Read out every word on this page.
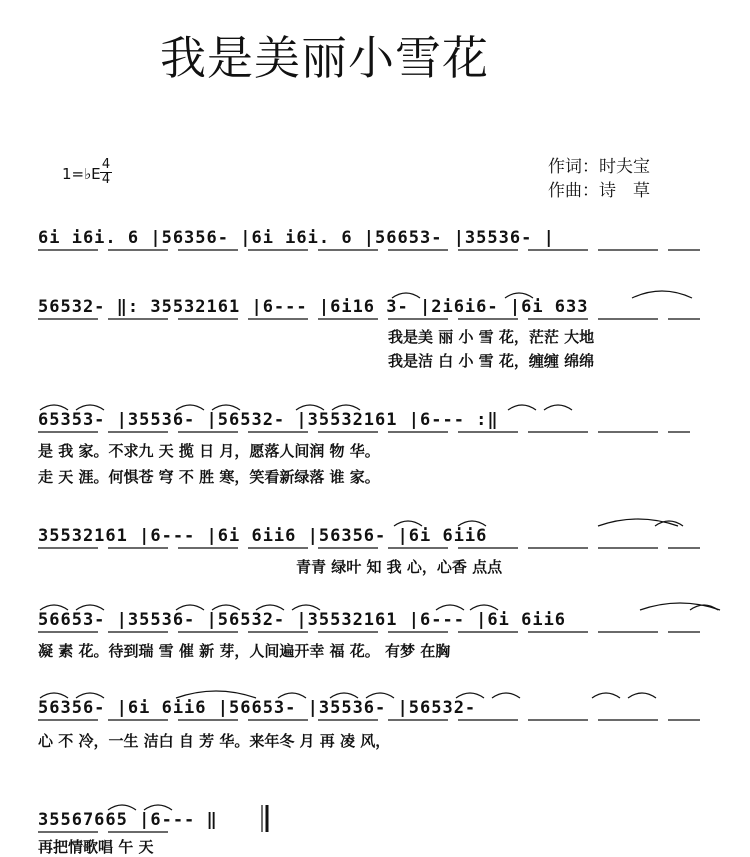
我是美丽小雪花
1=♭E $\frac{4}{4}$	作词：时夫宝
作曲：诗　草
6i i6i. 6 |56356- |6i i6i. 6 |56653- |35536- |
56532- ‖: 35532161 |6--- |6i16 3- |2i6i6- |6i 633
我是美 丽 小 雪 花，茫茫 大地
我是洁 白 小 雪 花，缠缠 绵绵
65353- |35536- |56532- |35532161 |6--- :‖
是 我 家。不求九 天 揽 日 月，愿落人间润 物 华。
走 天 涯。何惧苍 穹 不 胜 寒，笑看新绿落 谁 家。
35532161 |6--- |6i 6ii6 |56356- |6i 6ii6
青青 绿叶 知 我 心，心香 点点
56653- |35536- |56532- |35532161 |6--- |6i 6ii6
凝 素 花。待到瑞 雪 催 新 芽，人间遍开幸 福 花。 有梦 在胸
56356- |6i 6ii6 |56653- |35536- |56532-
心 不 冷，一生 洁白 自 芳 华。来年冬 月 再 凌 风，
35567665 |6--- ‖
再把情歌唱 午 天
